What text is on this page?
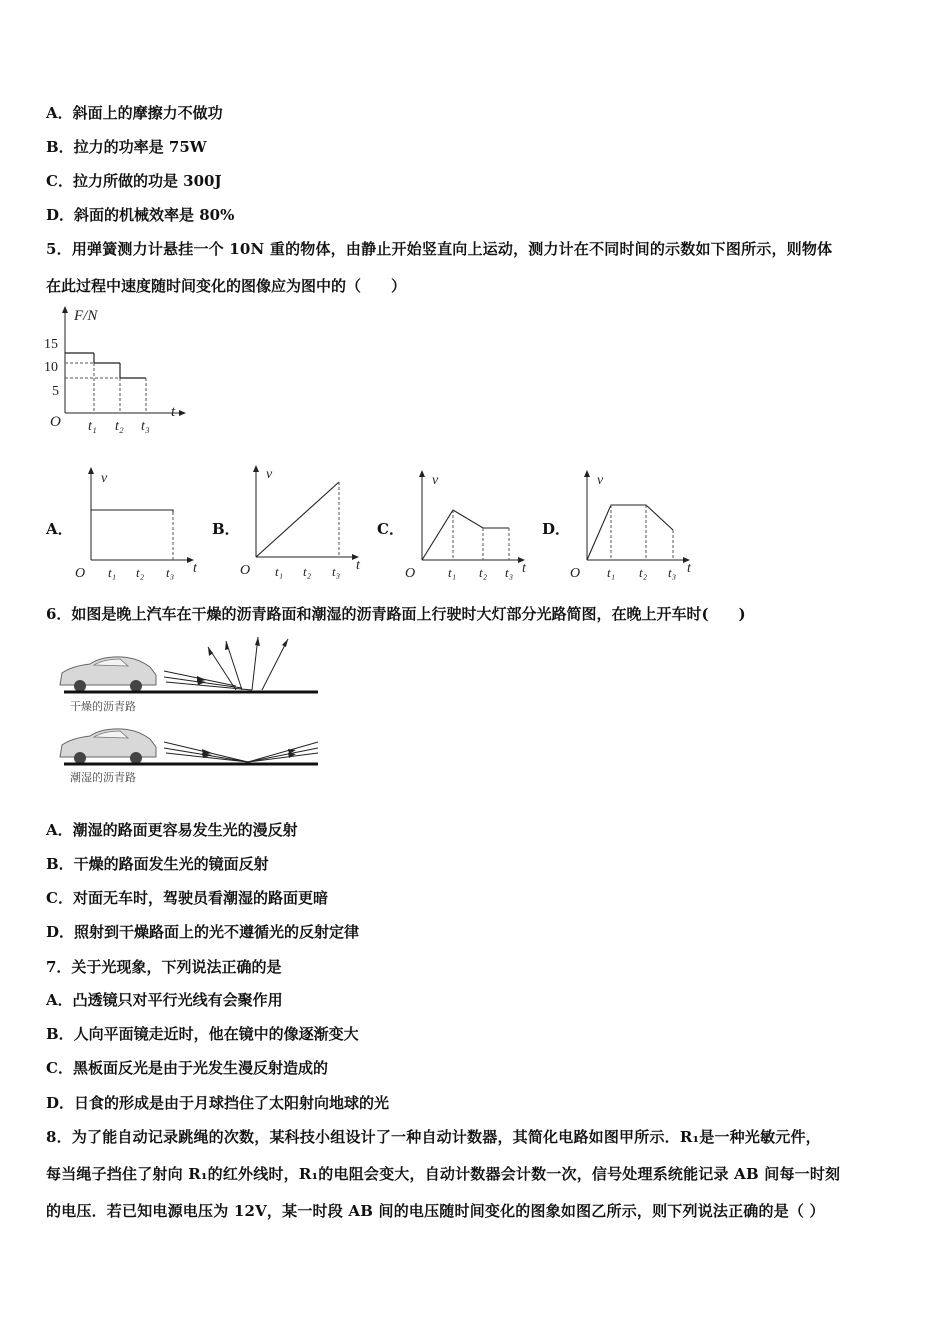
A．斜面上的摩擦力不做功
B．拉力的功率是 75W
C．拉力所做的功是 300J
D．斜面的机械效率是 80%
5．用弹簧测力计悬挂一个 10N 重的物体，由静止开始竖直向上运动，测力计在不同时间的示数如下图所示，则物体
在此过程中速度随时间变化的图像应为图中的（　　）
F/N
15
10
5
O
t
t₁ t₂ t₃
A．	B．	C．	D．
v
t
O t₁ t₂ t₃
v
t
O t₁ t₂ t₃
v
t
O	t₁ t₂ t₃
v
t
O t₁ t₂ t₃
6．如图是晚上汽车在干燥的沥青路面和潮湿的沥青路面上行驶时大灯部分光路简图，在晚上开车时(　　)
干燥的沥青路
潮湿的沥青路
A．潮湿的路面更容易发生光的漫反射
B．干燥的路面发生光的镜面反射
C．对面无车时，驾驶员看潮湿的路面更暗
D．照射到干燥路面上的光不遵循光的反射定律
7．关于光现象，下列说法正确的是
A．凸透镜只对平行光线有会聚作用
B．人向平面镜走近时，他在镜中的像逐渐变大
C．黑板面反光是由于光发生漫反射造成的
D．日食的形成是由于月球挡住了太阳射向地球的光
8．为了能自动记录跳绳的次数，某科技小组设计了一种自动计数器，其简化电路如图甲所示．R₁是一种光敏元件，
每当绳子挡住了射向 R₁的红外线时，R₁的电阻会变大，自动计数器会计数一次，信号处理系统能记录 AB 间每一时刻
的电压．若已知电源电压为 12V，某一时段 AB 间的电压随时间变化的图象如图乙所示，则下列说法正确的是（ ）
